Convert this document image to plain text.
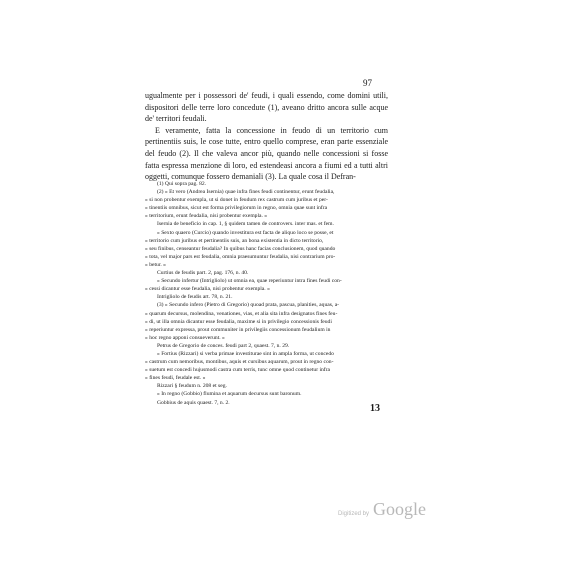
97

ugualmente per i possessori de' feudi, i quali essendo, come domini utili, dispositori delle terre loro concedute (1), aveano dritto ancora sulle acque de' territori feudali.

E veramente, fatta la concessione in feudo di un territorio cum pertinentiis suis, le cose tutte, entro quello comprese, eran parte essenziale del feudo (2). Il che valeva ancor più, quando nelle concessioni si fosse fatta espressa menzione di loro, ed estendeasi ancora a fiumi ed a tutti altri oggetti, comunque fossero demaniali (3). La quale cosa il Defran-

(1) Qui sopra pag. 82.
(2) « Et vero (Andrea Isernia) quae infra fines feudi continentur, erunt feudalia,
» si non probentur exempla, ut si donet in feudum rex castrum cum juribus et per-
» tinentiis omnibus, sicut est forma privilegiorum in regno, omnia quae sunt infra
» territorium, erunt feudalia, nisi probentur exempla. »
Isernia de beneficio in cap. 1, § quidem tamen de controvers. inter mas. et fem.
» Sexto quaero (Curcio) quando investitura est facta de aliquo loco se posse, et
» territorio cum juribus et pertinentiis suis, an bona existentia in dicto territorio,
» seu finibus, censeantur feudalia? In quibus hanc facias conclusionem, quod quando
» tota, vel major pars est feudalia, omnia praesumuntur feudalia, nisi contrarium pro-
» betur. »
Curtius de feudis part. 2, pag. 176, n. 40.
» Secundo infertur (Intrigliolo) ut omnia ea, quae reperiuntur intra fines feudi con-
» cessi dicantur esse feudalia, nisi probentur exempla. »
Intrigliolo de feudis art. 78, n. 21.
(3) » Secundo infero (Pietro di Gregorio) quoad prata, pascua, planities, aquas, a-
» quarum decursus, molendina, venationes, vias, et alia sita infra designatos fines feu-
» di, ut illa omnia dicantur esse feudalia, maxime si in privilegio concessionis feudi
» reperiuntur expressa, prout communiter in privilegiis concessionum feudalium in
» hoc regno apponi consueverunt. »
Petrus de Gregorio de conces. feudi part 2, quaest. 7, n. 29.
» Fortius (Rizzari) si verba primae investiturae sint in ampla forma, ut concedo
» castrum cum nemoribus, montibus, aquis et cursibus aquarum, prout in regno con-
» suetum est concedi hujusmodi castra cum terris, tunc omne quod continetur infra
» fines feudi, feudale est. »
Rizzari § feudum n. 208 et seg.
» In regno (Gobbio) flumina et aquarum decursus sunt baronum.
Gobbius de aquis quaest. 7, n. 2.
13
Digitized by Google
